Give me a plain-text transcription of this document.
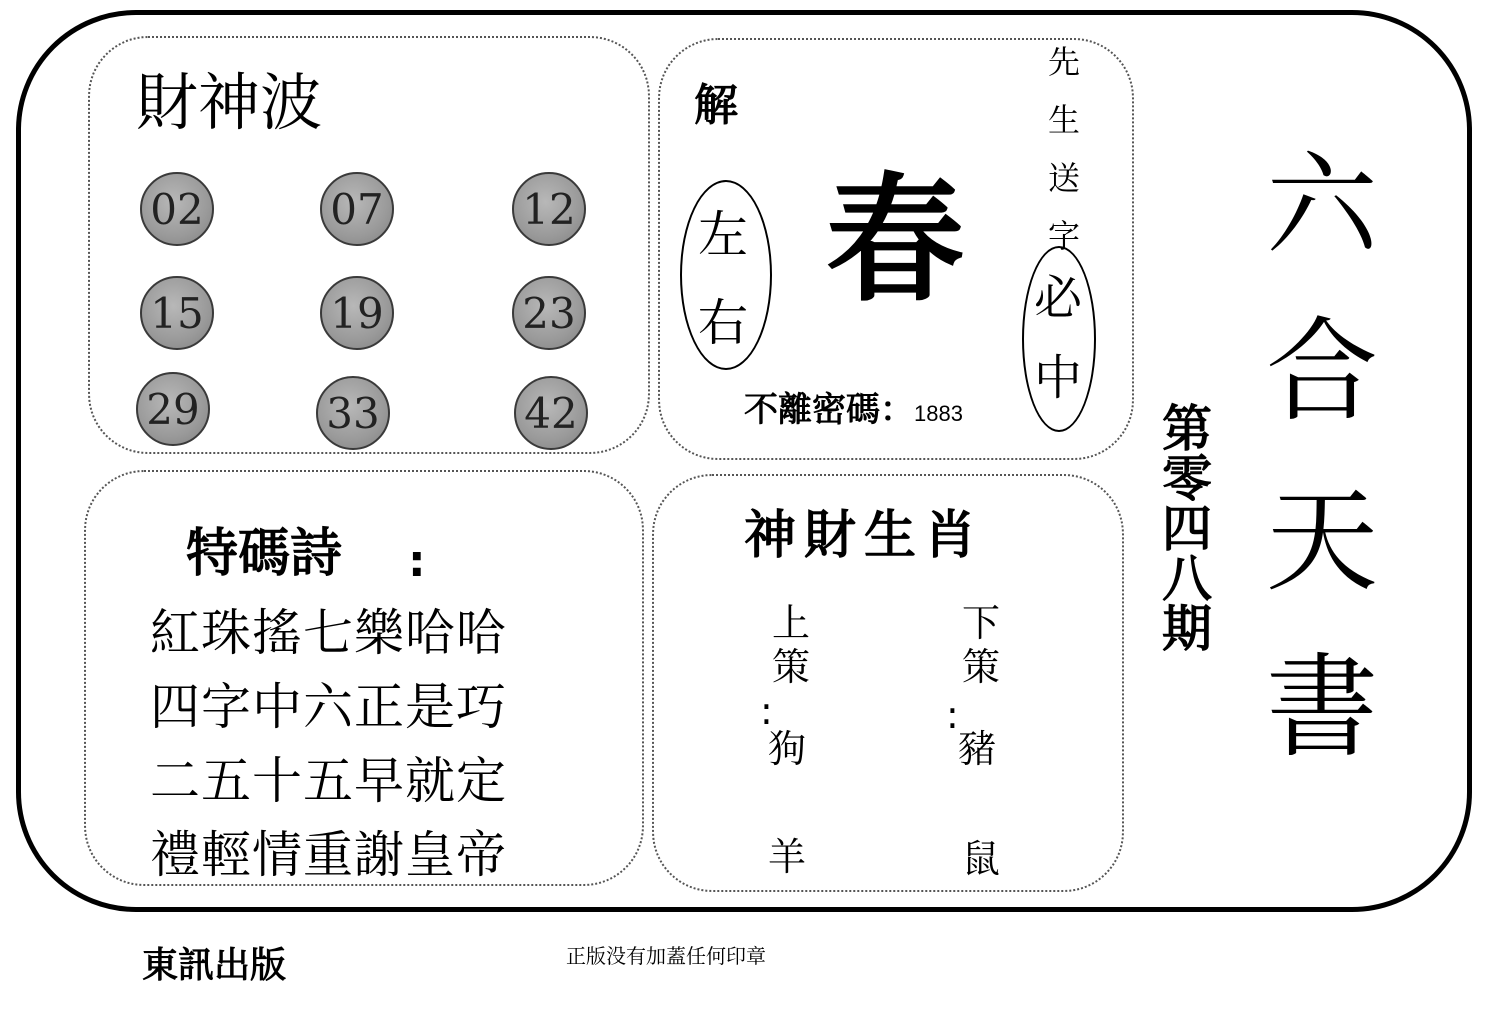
財神波
02	07	12
15	19	23
29	33	42
解
春
左
右
先
生
送
字
必
中
不離密碼：1883
六
合
天
書
第
零
四
八
期
特碼詩 :
紅珠搖七樂哈哈
四字中六正是巧
二五十五早就定
禮輕情重謝皇帝
神財生肖
上
策
:
狗
羊
下
策
:
豬
鼠
東訊出版	正版没有加蓋任何印章
